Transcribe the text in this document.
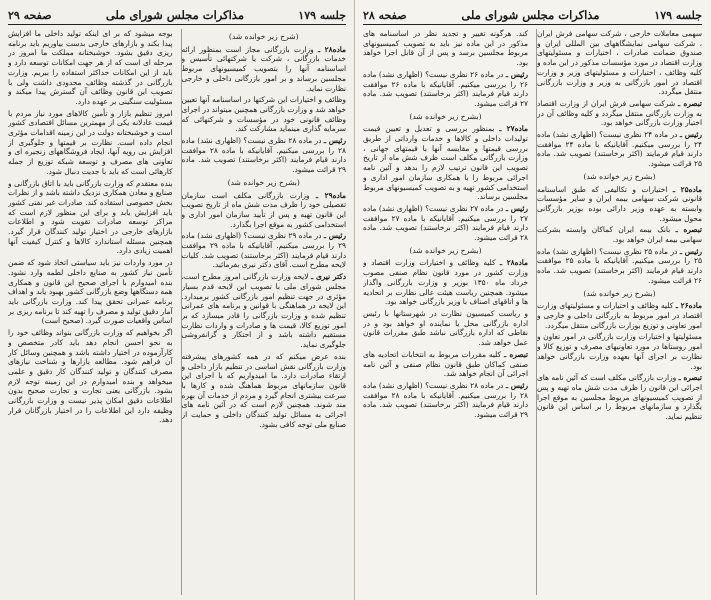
جلسه ۱۷۹
مذاکرات مجلس شورای ملی
صفحه ۲۹
(شرح زیر خوانده شد)

ماده۲۸ ـ وزارت بازرگانی مجاز است بمنظور ارائه خدمات بازرگانی ، شرکت یا شرکتهائی تأسیس و اساسنامه آنها را بتصویب کمیسیونهای مربوط مجلسین برساند و بر امور بازرگانی داخلی و خارجی نظارت نماید.

وظائف و اختیارات این شرکتها در اساسنامه آنها تعیین خواهد شد و وزارت بازرگانی همچنین میتواند در اجرای وظائف قانونی خود در مؤسسات و شرکتهائی که سرمایه گذاری مینماید مشارکت کند.

رئیس ـ در ماده ۲۸ نظری نیست؟ (اظهاری نشد) ماده ۲۸ را بررسی میکنیم. آقایانیکه با ماده ۲۸ موافقت دارند قیام فرمایند (اکثر برخاستند) تصویب شد. ماده ۲۹ قرائت میشود.

(بشرح زیر خوانده شد)

ماده۲۹ ـ وزارت بازرگانی مکلف است سازمان تفصیلی خود را ظرف مدت شش ماه از تاریخ تصویب این قانون تهیه و پس از تأیید سازمان امور اداری و استخدامی کشور به موقع اجرا بگذارد.

رئیس ـ در ماده ۲۹ نظری نیست؟ (اظهاری نشد) ماده ۲۹ را بررسی میکنیم. آقایانیکه با ماده ۲۹ موافقت دارند قیام فرمایند (اکثر برخاستند) تصویب شد. کلیات لایحه مطرح است. آقای دکتر نیری بفرمائید.

دکتر نیری ـ لایحه وزارت بازرگانی امروز مطرح است، مجلس شورای ملی با تصویب این لایحه قدم بسیار مؤثری در جهت تنظیم امور بازرگانی کشور برمیدارد. این لایحه در هماهنگی با قوانین و برنامه های عمرانی تنظیم شده و وزارت بازرگانی را قادر میسازد که بر امور توزیع کالا، قیمت ها و صادرات و واردات نظارت مستقیم داشته باشد و از احتکار و گرانفروشی جلوگیری نماید.

بنده عرض میکنم که در همه کشورهای پیشرفته وزارت بازرگانی نقش اساسی در تنظیم بازار داخلی و ارتقاء صادرات دارد. ما امیدواریم که با اجرای این قانون سازمانهای مربوط هماهنگ شده و کارها با سرعت بیشتری انجام گیرد و مردم از خدمات آن بهره مند شوند. همچنین لازم است که در آئین نامه های اجرائی به مسائل تولید کنندگان داخلی و حمایت از صنایع ملی توجه کافی بشود.

بوجه میشود که بر ای اینکه تولید داخلی ما افزایش پیدا بکند و بازارهای خارجی بدست بیاوریم باید برنامه ریزی دقیق بشود. خوشبختانه مملکت ما امروز در مرحله ای است که از هر جهت امکانات توسعه دارد و باید از این امکانات حداکثر استفاده را ببریم. وزارت بازرگانی در گذشته وظائف محدودی داشت ولی با تصویب این قانون وظائف آن گسترش پیدا میکند و مسئولیت سنگینی بر عهده دارد.

امروز تنظیم بازار و تأمین کالاهای مورد نیاز مردم با قیمت عادلانه یکی از مهمترین مسائل اقتصادی کشور است و خوشبختانه دولت در این زمینه اقدامات مؤثری انجام داده است. نظارت بر قیمتها و جلوگیری از افزایش بی رویه آنها، ایجاد فروشگاههای زنجیره ای و تعاونی های مصرف و توسعه شبکه توزیع از جمله کارهائی است که باید با جدیت دنبال شود.

بنده معتقدم که وزارت بازرگانی باید با اتاق بازرگانی و صنایع و معادن همکاری نزدیک داشته باشد و از نظرات بخش خصوصی استفاده کند. صادرات غیر نفتی کشور باید افزایش یابد و برای این منظور لازم است که مراکز توسعه صادرات تقویت شود و اطلاعات بازارهای خارجی در اختیار تولید کنندگان قرار گیرد. همچنین مسئله استاندارد کالاها و کنترل کیفیت آنها اهمیت زیادی دارد.

در مورد واردات نیز باید سیاستی اتخاذ شود که ضمن تأمین نیاز کشور به صنایع داخلی لطمه وارد نشود. بنده امیدوارم با اجرای صحیح این قانون و همکاری همه دستگاهها وضع بازرگانی کشور بهبود یابد و اهداف برنامه عمرانی تحقق پیدا کند. وزارت بازرگانی باید آمار دقیق تولید و مصرف را تهیه کند تا برنامه ریزی بر اساس واقعیات صورت گیرد. (صحیح است)

اگر بخواهیم که وزارت بازرگانی بتواند وظائف خود را به نحو احسن انجام دهد باید کادر متخصص و کارآزموده در اختیار داشته باشد و همچنین وسائل کار آن فراهم شود. مطالعه بازارها و شناخت نیازهای مصرف کنندگان و تولید کنندگان کار دقیق و علمی میخواهد و بنده امیدوارم در این زمینه توجه لازم بشود. بازرگانی یعنی تجارت و تجارت صحیح بدون اطلاعات دقیق امکان پذیر نیست و وزارت بازرگانی وظیفه دارد این اطلاعات را در اختیار بازرگانان قرار دهد.

جلسه ۱۷۹
مذاکرات مجلس شورای ملی
صفحه ۲۸

سهمی معاملات خارجی ، شرکت سهامی فرش ایران ، شرکت سهامی نمایشگاههای بین المللی ایران و صندوق ضمانت صادرات ، اختیارات و مسئولیتهای وزارت اقتصاد در مورد مؤسسات مذکور در این ماده و کلیه وظائف ، اختیارات و مسئولیتهای وزیر و وزارت اقتصاد در امور بازرگانی به وزیر و وزارت بازرگانی منتقل میگردد.

تبصره ـ شرکت سهامی فرش ایران از وزارت اقتصاد به وزارت بازرگانی منتقل میگردد و کلیه وظائف آن در اختیار وزارت بازرگانی خواهد بود.

رئیس ـ در ماده ۲۴ نظری نیست؟ (اظهاری نشد) ماده ۲۴ را بررسی میکنیم. آقایانیکه با ماده ۲۴ موافقت دارند قیام فرمایند (اکثر برخاستند) تصویب شد. ماده ۲۵ قرائت میشود.

(بشرح زیر خوانده شد)

ماده۲۵ ـ اختیارات و تکالیفی که طبق اساسنامه قانونی شرکت سهامی بیمه ایران و سایر مؤسسات وابسته به عهده وزیر دارائی بوده بوزیر بازرگانی محول میشود.

تبصره ـ بانک بیمه ایران کماکان وابسته بشرکت سهامی بیمه ایران خواهد بود.

رئیس ـ در ماده ۲۵ نظری نیست؟ (اظهاری نشد) ماده ۲۵ را بررسی میکنیم. آقایانیکه با ماده ۲۵ موافقت دارند قیام فرمایند (اکثر برخاستند) تصویب شد. ماده ۲۶ قرائت میشود.

(بشرح زیر خوانده شد)

ماده۲۶ ـ کلیه وظائف و اختیارات و مسئولیتهای وزارت اقتصاد در امور مربوط به بازرگانی داخلی و خارجی و امور تعاونی و توزیع بوزارت بازرگانی منتقل میگردد.

مسئولیتها و اختیارات وزارت بازرگانی در امور تعاون و امور روستاها در مورد تعاونیهای مصرف و توزیع کالا و نظارت بر اجرای آنها بعهده وزارت بازرگانی خواهد بود.

تبصره ـ وزارت بازرگانی مکلف است که آئین نامه های اجرائی این قانون را ظرف مدت شش ماه تهیه و پس از تصویب کمیسیونهای مربوط مجلسین به موقع اجرا بگذارد و سازمانهای مربوط را بر اساس این قانون تنظیم نماید.

کند. هرگونه تغییر و تجدید نظر در اساسنامه های مذکور در این ماده نیز باید به تصویب کمیسیونهای مربوط مجلسین برسد و پس از آن قابل اجرا خواهد بود.

رئیس ـ در ماده ۲۶ نظری نیست؟ (اظهاری نشد) ماده ۲۶ را بررسی میکنیم. آقایانیکه با ماده ۲۶ موافقت دارند قیام فرمایند (اکثر برخاستند) تصویب شد. ماده ۲۷ قرائت میشود.

(بشرح زیر خوانده شد)

ماده۲۷ ـ بمنظور بررسی و تعدیل و تعیین قیمت تولیدات داخلی و کالاها و خدمات وارداتی از طریق بررسی قیمتها و مقایسه آنها با قیمتهای جهانی ، وزارت بازرگانی مکلف است ظرف شش ماه از تاریخ تصویب این قانون ترتیب لازم را بدهد و آئین نامه اجرائی مربوط را با همکاری سازمان امور اداری و استخدامی کشور تهیه و به تصویب کمیسیونهای مربوط مجلسین برساند.

رئیس ـ در ماده ۲۷ نظری نیست؟ (اظهاری نشد) ماده ۲۷ را بررسی میکنیم. آقایانیکه با ماده ۲۷ موافقت دارند قیام فرمایند (اکثر برخاستند) تصویب شد. ماده ۲۸ قرائت میشود.

(بشرح زیر خوانده شد)

ماده۲۸ ـ کلیه وظائف و اختیارات وزارت اقتصاد و وزارت کشور در مورد قانون نظام صنفی مصوب خرداد ماه ۱۳۵۰ بوزیر و وزارت بازرگانی واگذار میشود. همچنین ریاست هیئت عالی نظارت بر اتحادیه ها و اتاقهای اصناف با وزیر بازرگانی خواهد بود.

و ریاست کمیسیون نظارت در شهرستانها با رئیس اداره بازرگانی محل یا نماینده او خواهد بود و در نقاطی که اداره بازرگانی نباشد طبق مقررات قانون عمل خواهد شد.

تبصره ـ کلیه مقررات مربوط به انتخابات اتحادیه های صنفی کماکان طبق قانون نظام صنفی و آئین نامه اجرائی آن انجام خواهد شد.

رئیس ـ در ماده ۲۸ نظری نیست؟ (اظهاری نشد) ماده ۲۸ را بررسی میکنیم. آقایانیکه با ماده ۲۸ موافقت دارند قیام فرمایند (اکثر برخاستند) تصویب شد. ماده ۲۹ قرائت میشود.
